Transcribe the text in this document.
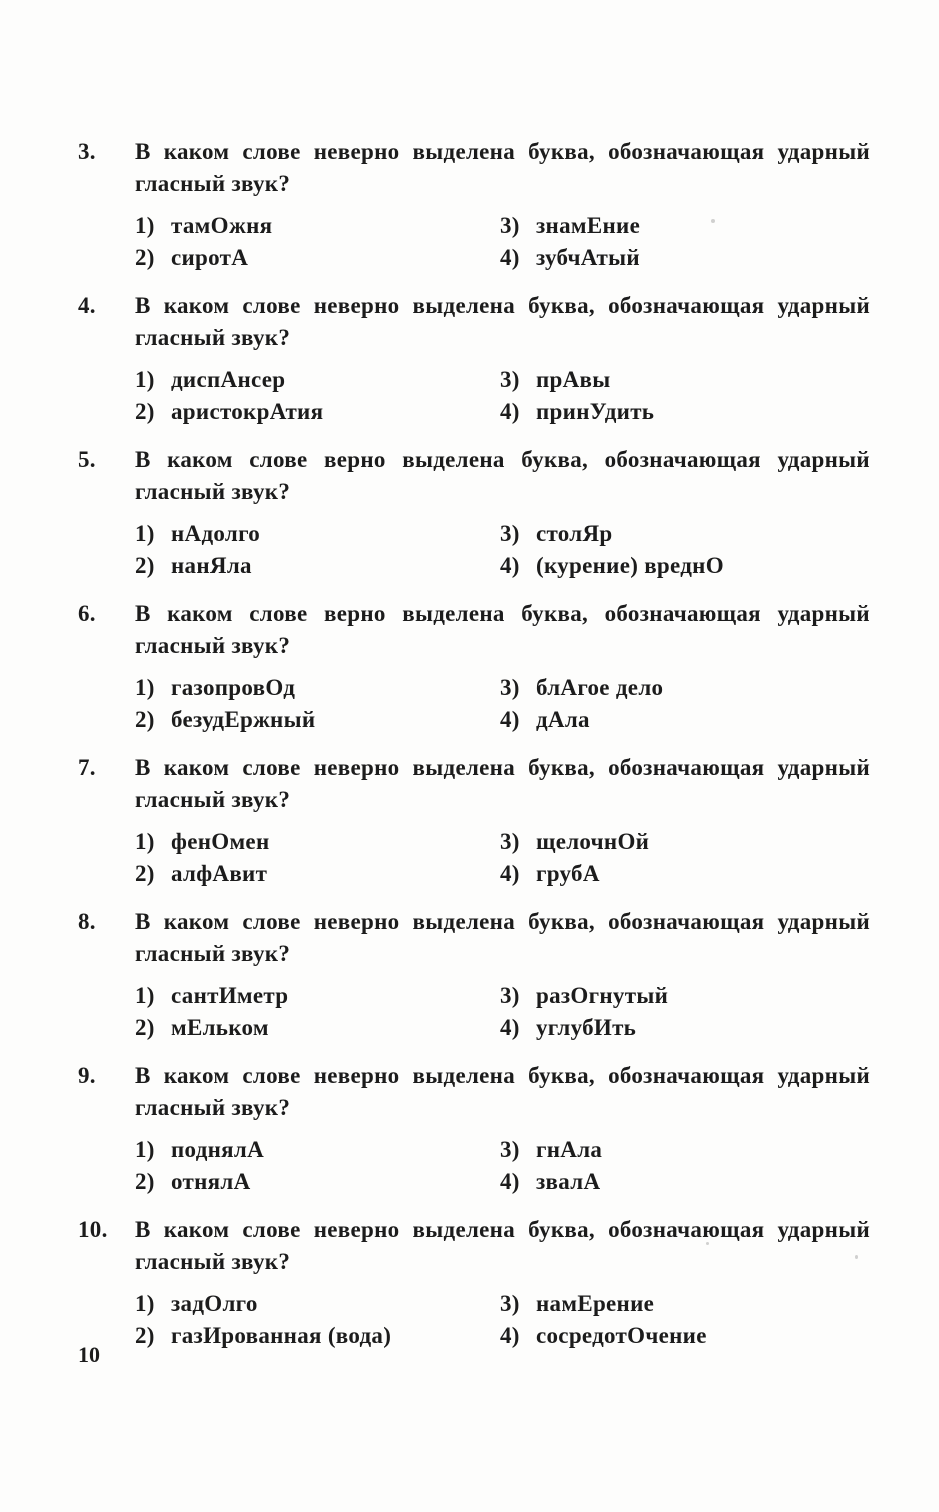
3.	В каком слове неверно выделена буква, обозначающая ударный гласный звук?

1) тамОжня
2) сиротА
3) знамЕние
4) зубчАтый
4.	В каком слове неверно выделена буква, обозначающая ударный гласный звук?

1) диспАнсер
2) аристокрАтия
3) прАвы
4) принУдить
5.	В каком слове верно выделена буква, обозначающая ударный гласный звук?

1) нАдолго
2) нанЯла
3) столЯр
4) (курение) вреднО
6.	В каком слове верно выделена буква, обозначающая ударный гласный звук?

1) газопровОд
2) безудЕржный
3) блАгое дело
4) дАла
7.	В каком слове неверно выделена буква, обозначающая ударный гласный звук?

1) фенОмен
2) алфАвит
3) щелочнОй
4) грубА
8.	В каком слове неверно выделена буква, обозначающая ударный гласный звук?

1) сантИметр
2) мЕльком
3) разОгнутый
4) углубИть
9.	В каком слове неверно выделена буква, обозначающая ударный гласный звук?

1) поднялА
2) отнялА
3) гнАла
4) звалА
10.	В каком слове неверно выделена буква, обозначающая ударный гласный звук?

1) задОлго
2) газИрованная (вода)
3) намЕрение
4) сосредотОчение
10
